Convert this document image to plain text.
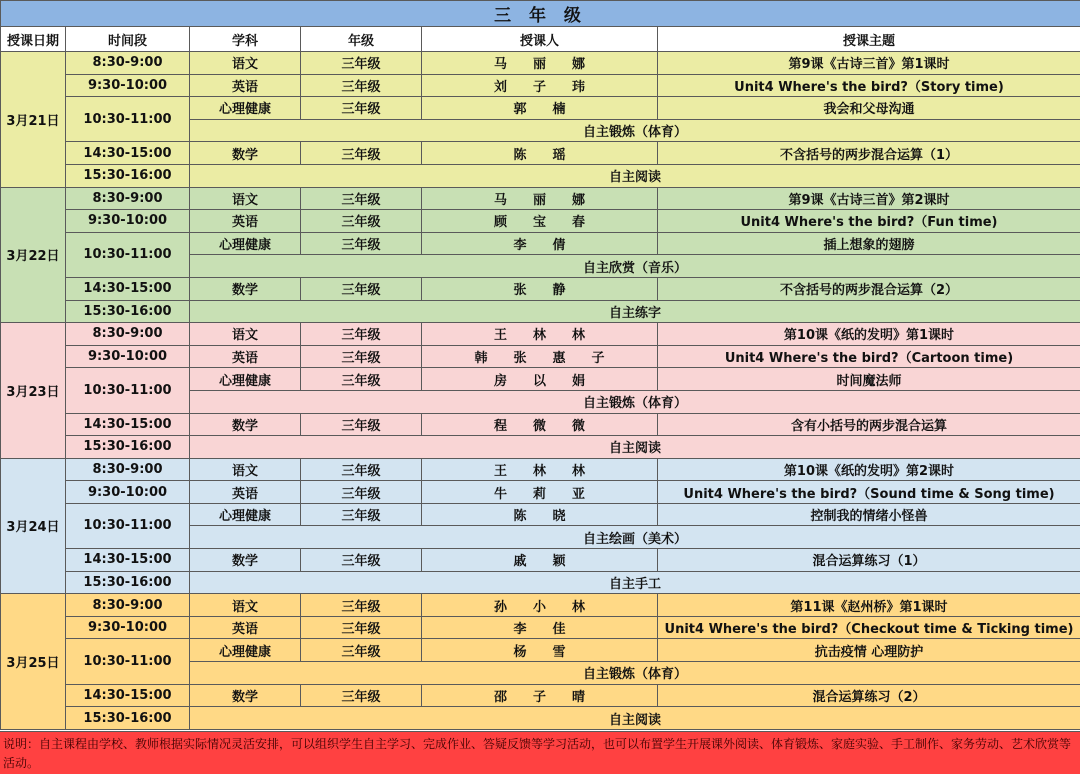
三 年 级					
授课日期	时间段	学科	年级	授课人	授课主题
3月21日	8:30-9:00	语文	三年级	马丽娜	第9课《古诗三首》第1课时
	9:30-10:00	英语	三年级	刘子玮	Unit4 Where's the bird?（Story time)
	10:30-11:00	心理健康	三年级	郭楠	我会和父母沟通
		自主锻炼（体育）			
	14:30-15:00	数学	三年级	陈瑶	不含括号的两步混合运算（1）
	15:30-16:00	自主阅读			
3月22日	8:30-9:00	语文	三年级	马丽娜	第9课《古诗三首》第2课时
	9:30-10:00	英语	三年级	顾宝春	Unit4 Where's the bird?（Fun time)
	10:30-11:00	心理健康	三年级	李倩	插上想象的翅膀
		自主欣赏（音乐）			
	14:30-15:00	数学	三年级	张静	不含括号的两步混合运算（2）
	15:30-16:00	自主练字			
3月23日	8:30-9:00	语文	三年级	王林林	第10课《纸的发明》第1课时
	9:30-10:00	英语	三年级	韩张惠子	Unit4 Where's the bird?（Cartoon time)
	10:30-11:00	心理健康	三年级	房以娟	时间魔法师
		自主锻炼（体育）			
	14:30-15:00	数学	三年级	程微微	含有小括号的两步混合运算
	15:30-16:00	自主阅读			
3月24日	8:30-9:00	语文	三年级	王林林	第10课《纸的发明》第2课时
	9:30-10:00	英语	三年级	牛莉亚	Unit4 Where's the bird?（Sound time & Song time)
	10:30-11:00	心理健康	三年级	陈晓	控制我的情绪小怪兽
		自主绘画（美术）			
	14:30-15:00	数学	三年级	戚颖	混合运算练习（1）
	15:30-16:00	自主手工			
3月25日	8:30-9:00	语文	三年级	孙小林	第11课《赵州桥》第1课时
	9:30-10:00	英语	三年级	李佳	Unit4 Where's the bird?（Checkout time & Ticking time)
	10:30-11:00	心理健康	三年级	杨雪	抗击疫情 心理防护
		自主锻炼（体育）			
	14:30-15:00	数学	三年级	邵子晴	混合运算练习（2）
	15:30-16:00	自主阅读			
说明：自主课程由学校、教师根据实际情况灵活安排，可以组织学生自主学习、完成作业、答疑反馈等学习活动，也可以布置学生开展课外阅读、体育锻炼、家庭实验、手工制作、家务劳动、艺术欣赏等活动。
